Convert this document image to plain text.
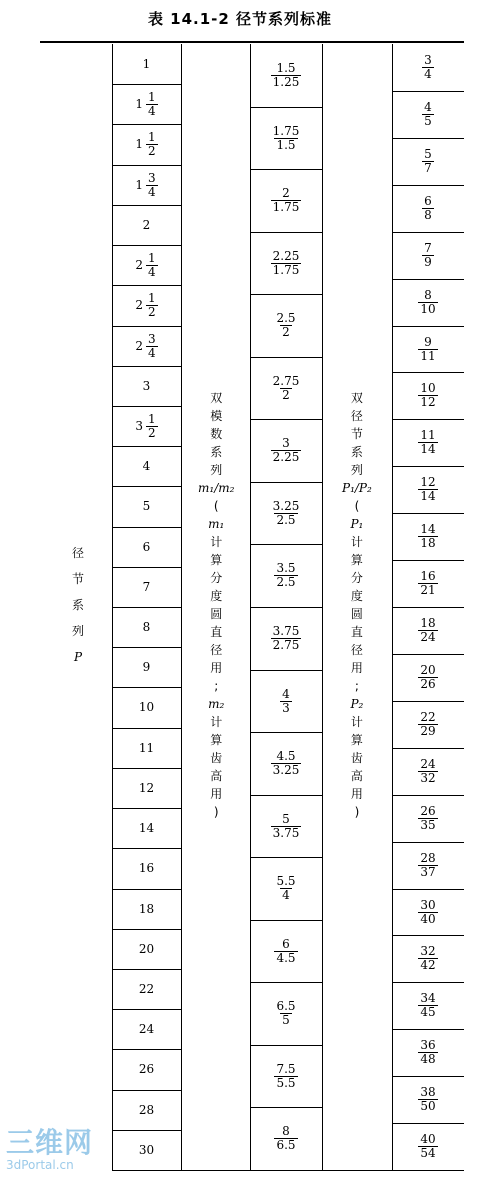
表 14.1-2 径节系列标准
三维网
3dPortal.cn
1
$1 \frac{1}{4}$
$1 \frac{1}{2}$
$1 \frac{3}{4}$
2
$2 \frac{1}{4}$
$2 \frac{1}{2}$
$2 \frac{3}{4}$
3
$3 \frac{1}{2}$
4
5
6
7
8
9
10
11
12
14
16
18
20
22
24
26
28
30
$\frac{1.5}{1.25}$
$\frac{1.75}{1.5}$
$\frac{2}{1.75}$
$\frac{2.25}{1.75}$
$\frac{2.5}{2}$
$\frac{2.75}{2}$
$\frac{3}{2.25}$
$\frac{3.25}{2.5}$
$\frac{3.5}{2.5}$
$\frac{3.75}{2.75}$
$\frac{4}{3}$
$\frac{4.5}{3.25}$
$\frac{5}{3.75}$
$\frac{5.5}{4}$
$\frac{6}{4.5}$
$\frac{6.5}{5}$
$\frac{7.5}{5.5}$
$\frac{8}{6.5}$
$\frac{3}{4}$
$\frac{4}{5}$
$\frac{5}{7}$
$\frac{6}{8}$
$\frac{7}{9}$
$\frac{8}{10}$
$\frac{9}{11}$
$\frac{10}{12}$
$\frac{11}{14}$
$\frac{12}{14}$
$\frac{14}{18}$
$\frac{16}{21}$
$\frac{18}{24}$
$\frac{20}{26}$
$\frac{22}{29}$
$\frac{24}{32}$
$\frac{26}{35}$
$\frac{28}{37}$
$\frac{30}{40}$
$\frac{32}{42}$
$\frac{34}{45}$
$\frac{36}{48}$
$\frac{38}{50}$
$\frac{40}{54}$
径
节
系
列
P
双
模
数
系
列
m₁/m₂
(
m₁
计
算
分
度
圆
直
径
用
;
m₂
计
算
齿
高
用
)
双
径
节
系
列
P₁/P₂
(
P₁
计
算
分
度
圆
直
径
用
;
P₂
计
算
齿
高
用
)
